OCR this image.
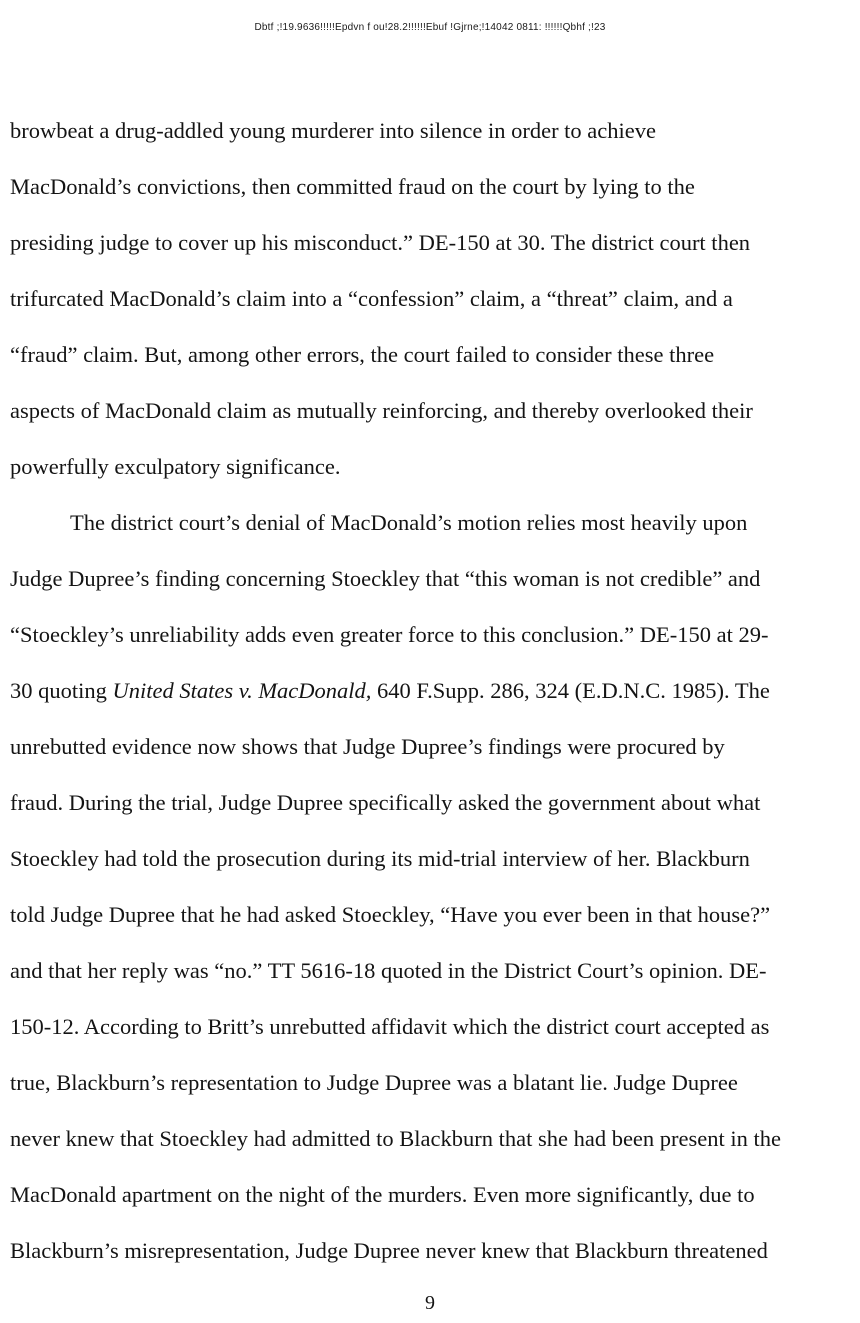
Dbtf ;!19.9636!!!!!Epdvn f ou!28.2!!!!!!Ebuf !Gjrne;!14042 0811: !!!!!!Qbhf ;!23
browbeat a drug-addled young murderer into silence in order to achieve
MacDonald’s convictions, then committed fraud on the court by lying to the
presiding judge to cover up his misconduct.” DE-150 at 30. The district court then
trifurcated MacDonald’s claim into a “confession” claim, a “threat” claim, and a
“fraud” claim. But, among other errors, the court failed to consider these three
aspects of MacDonald claim as mutually reinforcing, and thereby overlooked their
powerfully exculpatory significance.
The district court’s denial of MacDonald’s motion relies most heavily upon
Judge Dupree’s finding concerning Stoeckley that “this woman is not credible” and
“Stoeckley’s unreliability adds even greater force to this conclusion.” DE-150 at 29-
30 quoting United States v. MacDonald, 640 F.Supp. 286, 324 (E.D.N.C. 1985). The
unrebutted evidence now shows that Judge Dupree’s findings were procured by
fraud. During the trial, Judge Dupree specifically asked the government about what
Stoeckley had told the prosecution during its mid-trial interview of her. Blackburn
told Judge Dupree that he had asked Stoeckley, “Have you ever been in that house?”
and that her reply was “no.” TT 5616-18 quoted in the District Court’s opinion. DE-
150-12. According to Britt’s unrebutted affidavit which the district court accepted as
true, Blackburn’s representation to Judge Dupree was a blatant lie. Judge Dupree
never knew that Stoeckley had admitted to Blackburn that she had been present in the
MacDonald apartment on the night of the murders. Even more significantly, due to
Blackburn’s misrepresentation, Judge Dupree never knew that Blackburn threatened
9
